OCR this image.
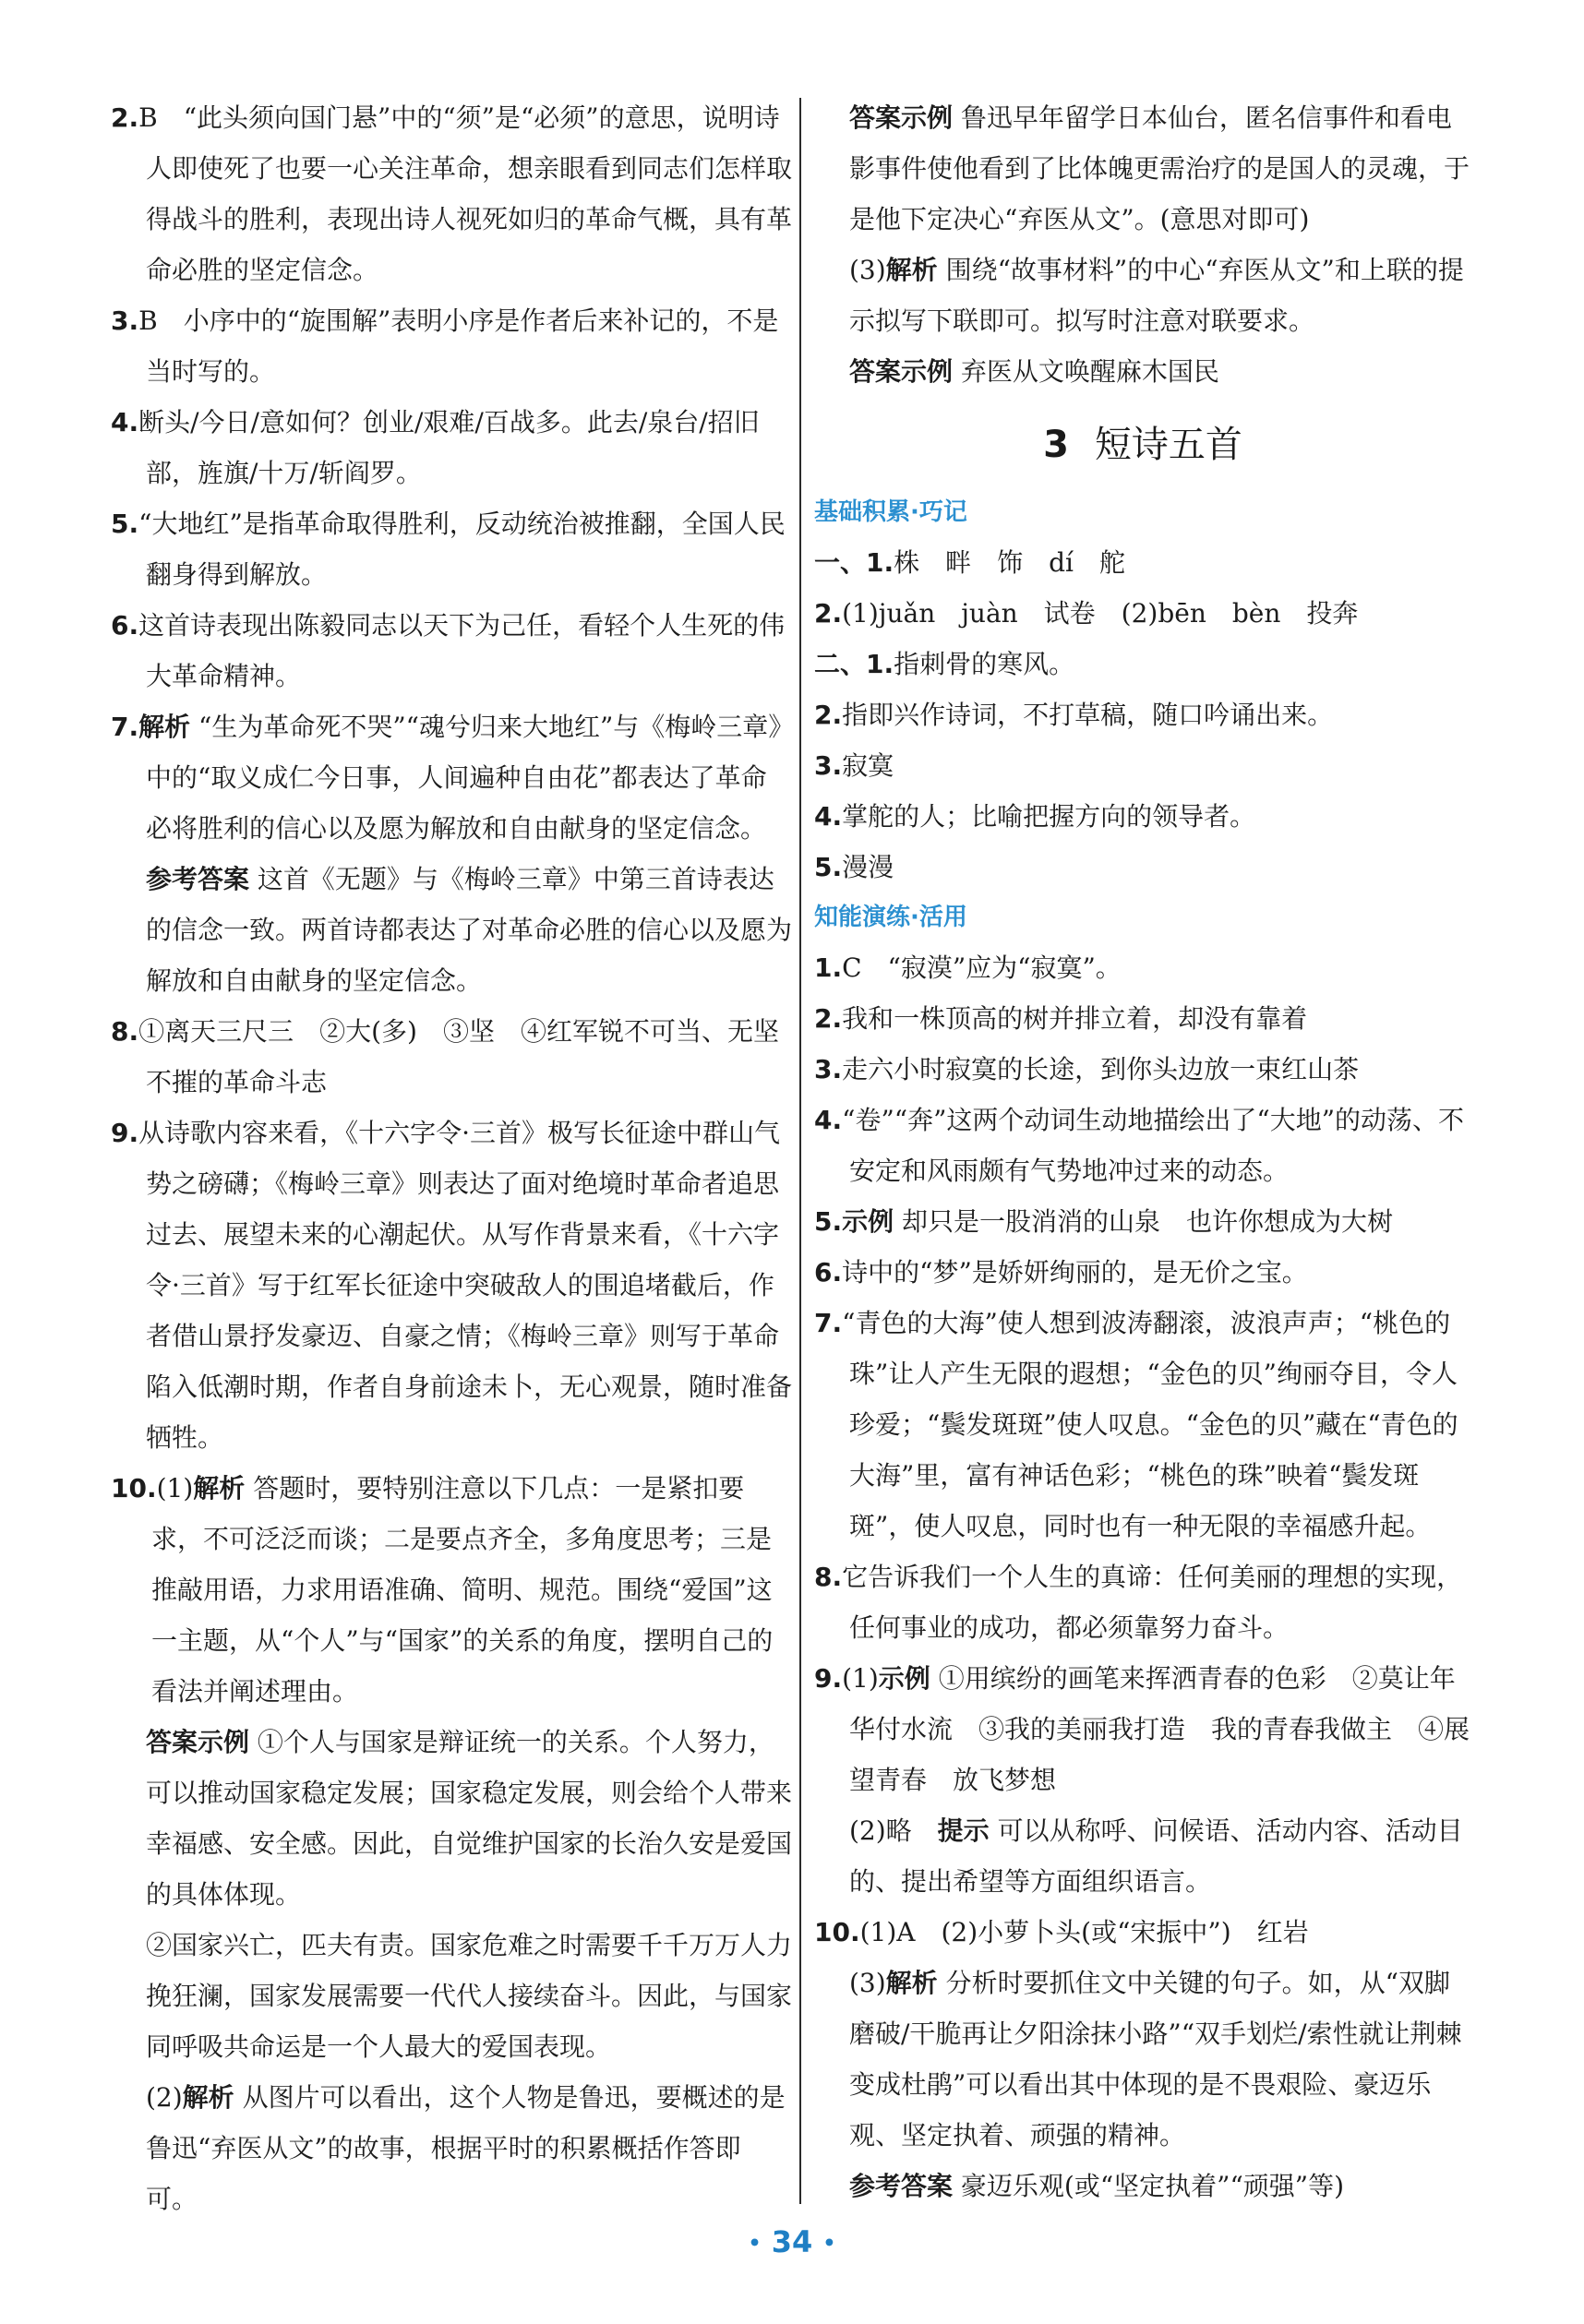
2.B　“此头须向国门悬”中的“须”是“必须”的意思，说明诗人即使死了也要一心关注革命，想亲眼看到同志们怎样取得战斗的胜利，表现出诗人视死如归的革命气概，具有革命必胜的坚定信念。

3.B　小序中的“旋围解”表明小序是作者后来补记的，不是当时写的。

4.断头/今日/意如何？创业/艰难/百战多。此去/泉台/招旧部，旌旗/十万/斩阎罗。

5.“大地红”是指革命取得胜利，反动统治被推翻，全国人民翻身得到解放。

6.这首诗表现出陈毅同志以天下为己任，看轻个人生死的伟大革命精神。

7.解析 “生为革命死不哭”“魂兮归来大地红”与《梅岭三章》中的“取义成仁今日事，人间遍种自由花”都表达了革命必将胜利的信心以及愿为解放和自由献身的坚定信念。

参考答案 这首《无题》与《梅岭三章》中第三首诗表达的信念一致。两首诗都表达了对革命必胜的信心以及愿为解放和自由献身的坚定信念。

8.①离天三尺三　②大(多)　③坚　④红军锐不可当、无坚不摧的革命斗志

9.从诗歌内容来看，《十六字令·三首》极写长征途中群山气势之磅礴；《梅岭三章》则表达了面对绝境时革命者追思过去、展望未来的心潮起伏。从写作背景来看，《十六字令·三首》写于红军长征途中突破敌人的围追堵截后，作者借山景抒发豪迈、自豪之情；《梅岭三章》则写于革命陷入低潮时期，作者自身前途未卜，无心观景，随时准备牺牲。

10.(1)解析 答题时，要特别注意以下几点：一是紧扣要求，不可泛泛而谈；二是要点齐全，多角度思考；三是推敲用语，力求用语准确、简明、规范。围绕“爱国”这一主题，从“个人”与“国家”的关系的角度，摆明自己的看法并阐述理由。

答案示例 ①个人与国家是辩证统一的关系。个人努力，可以推动国家稳定发展；国家稳定发展，则会给个人带来幸福感、安全感。因此，自觉维护国家的长治久安是爱国的具体体现。

②国家兴亡，匹夫有责。国家危难之时需要千千万万人力挽狂澜，国家发展需要一代代人接续奋斗。因此，与国家同呼吸共命运是一个人最大的爱国表现。

(2)解析 从图片可以看出，这个人物是鲁迅，要概述的是鲁迅“弃医从文”的故事，根据平时的积累概括作答即可。

答案示例 鲁迅早年留学日本仙台，匿名信事件和看电影事件使他看到了比体魄更需治疗的是国人的灵魂，于是他下定决心“弃医从文”。(意思对即可)

(3)解析 围绕“故事材料”的中心“弃医从文”和上联的提示拟写下联即可。拟写时注意对联要求。

答案示例 弃医从文唤醒麻木国民

3 短诗五首
基础积累·巧记

一、1.株　畔　饰　dí　舵

2.(1)juǎn　juàn　试卷　(2)bēn　bèn　投奔

二、1.指刺骨的寒风。

2.指即兴作诗词，不打草稿，随口吟诵出来。

3.寂寞

4.掌舵的人；比喻把握方向的领导者。

5.漫漫

知能演练·活用

1.C　“寂漠”应为“寂寞”。

2.我和一株顶高的树并排立着，却没有靠着

3.走六小时寂寞的长途，到你头边放一束红山茶

4.“卷”“奔”这两个动词生动地描绘出了“大地”的动荡、不安定和风雨颇有气势地冲过来的动态。

5.示例 却只是一股消消的山泉　也许你想成为大树

6.诗中的“梦”是娇妍绚丽的，是无价之宝。

7.“青色的大海”使人想到波涛翻滚，波浪声声；“桃色的珠”让人产生无限的遐想；“金色的贝”绚丽夺目，令人珍爱；“鬓发斑斑”使人叹息。“金色的贝”藏在“青色的大海”里，富有神话色彩；“桃色的珠”映着“鬓发斑斑”，使人叹息，同时也有一种无限的幸福感升起。

8.它告诉我们一个人生的真谛：任何美丽的理想的实现，任何事业的成功，都必须靠努力奋斗。

9.(1)示例 ①用缤纷的画笔来挥洒青春的色彩　②莫让年华付水流　③我的美丽我打造　我的青春我做主　④展望青春　放飞梦想

(2)略　提示 可以从称呼、问候语、活动内容、活动目的、提出希望等方面组织语言。

10.(1)A　(2)小萝卜头(或“宋振中”)　红岩

(3)解析 分析时要抓住文中关键的句子。如，从“双脚磨破/干脆再让夕阳涂抹小路”“双手划烂/索性就让荆棘变成杜鹃”可以看出其中体现的是不畏艰险、豪迈乐观、坚定执着、顽强的精神。

参考答案 豪迈乐观(或“坚定执着”“顽强”等)

• 34 •
